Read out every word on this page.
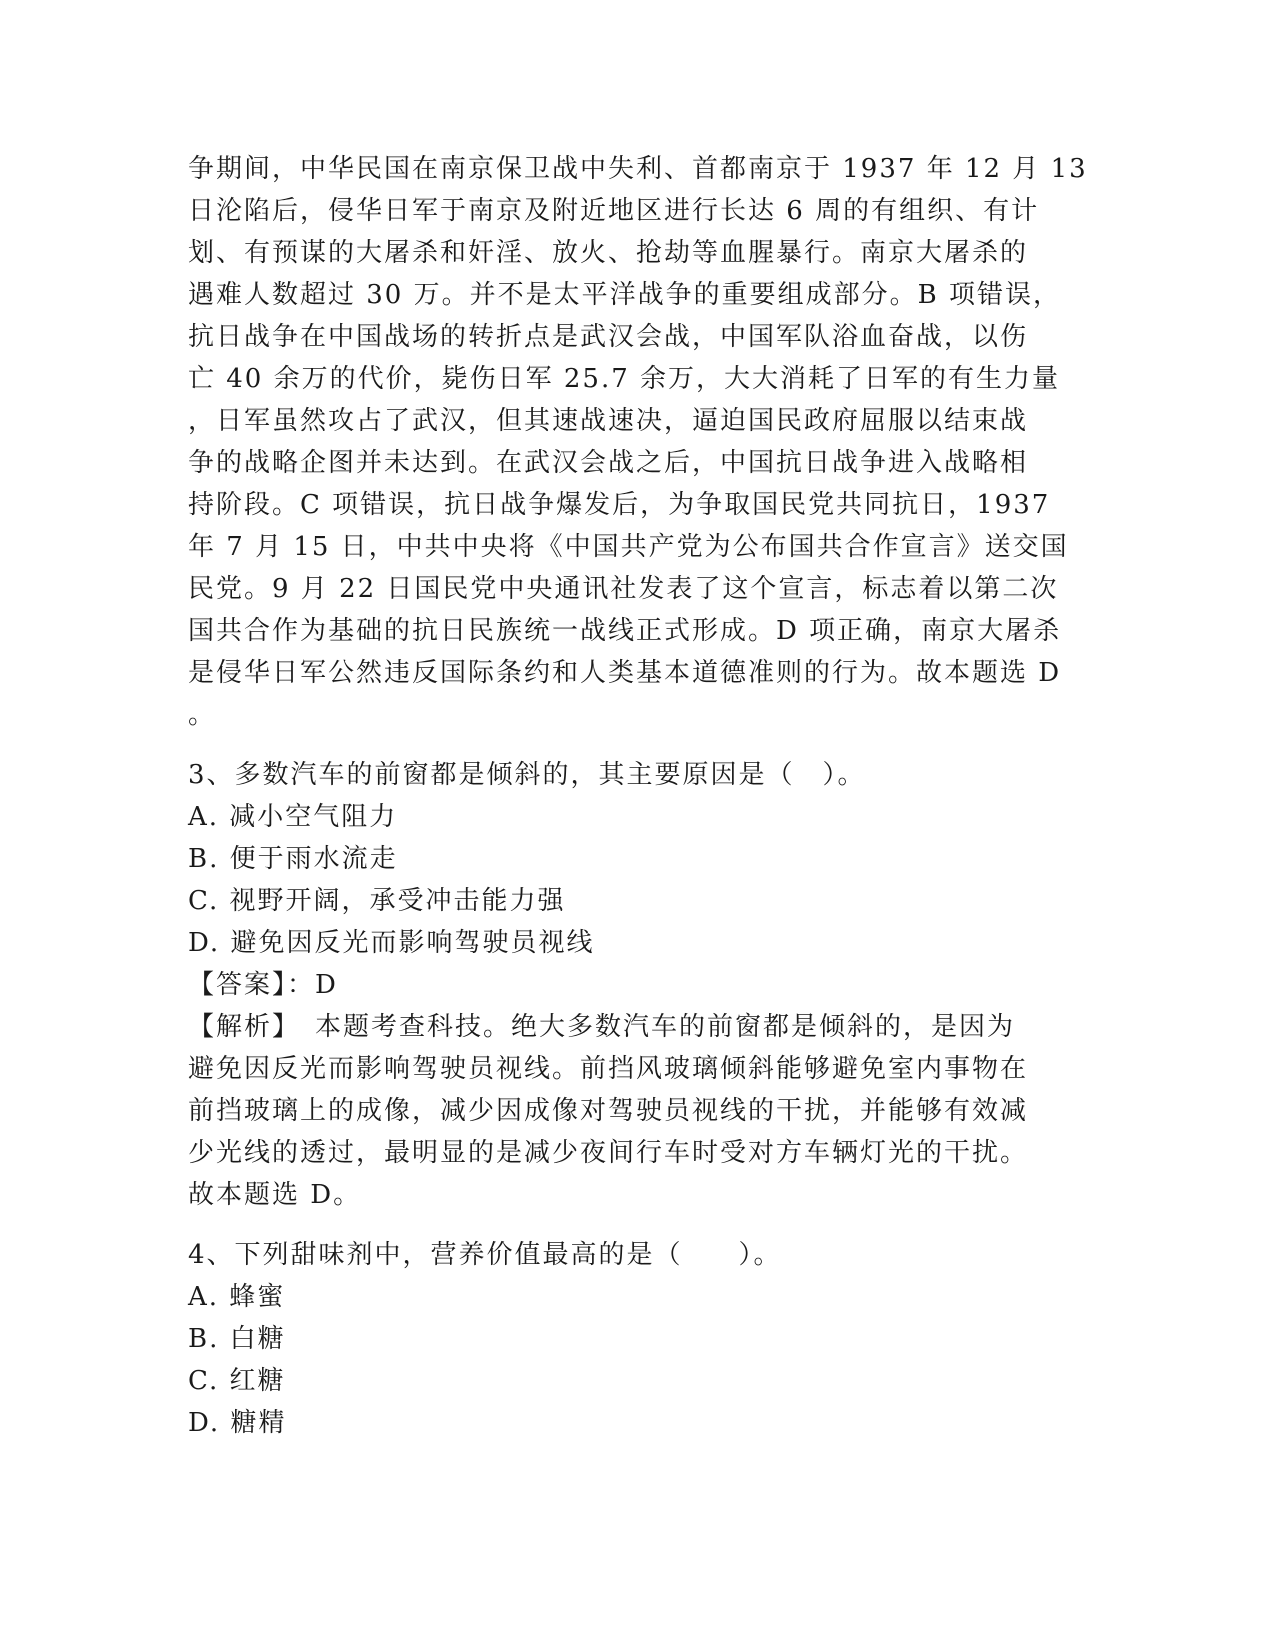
争期间，中华民国在南京保卫战中失利、首都南京于 1937 年 12 月 13
日沦陷后，侵华日军于南京及附近地区进行长达 6 周的有组织、有计
划、有预谋的大屠杀和奸淫、放火、抢劫等血腥暴行。南京大屠杀的
遇难人数超过 30 万。并不是太平洋战争的重要组成部分。B 项错误，
抗日战争在中国战场的转折点是武汉会战，中国军队浴血奋战，以伤
亡 40 余万的代价，毙伤日军 25.7 余万，大大消耗了日军的有生力量
，日军虽然攻占了武汉，但其速战速决，逼迫国民政府屈服以结束战
争的战略企图并未达到。在武汉会战之后，中国抗日战争进入战略相
持阶段。C 项错误，抗日战争爆发后，为争取国民党共同抗日，1937
年 7 月 15 日，中共中央将《中国共产党为公布国共合作宣言》送交国
民党。9 月 22 日国民党中央通讯社发表了这个宣言，标志着以第二次
国共合作为基础的抗日民族统一战线正式形成。D 项正确，南京大屠杀
是侵华日军公然违反国际条约和人类基本道德准则的行为。故本题选 D
。
3、多数汽车的前窗都是倾斜的，其主要原因是（　）。
A. 减小空气阻力
B. 便于雨水流走
C. 视野开阔，承受冲击能力强
D. 避免因反光而影响驾驶员视线
【答案】：D
【解析】　本题考查科技。绝大多数汽车的前窗都是倾斜的，是因为
避免因反光而影响驾驶员视线。前挡风玻璃倾斜能够避免室内事物在
前挡玻璃上的成像，减少因成像对驾驶员视线的干扰，并能够有效减
少光线的透过，最明显的是减少夜间行车时受对方车辆灯光的干扰。
故本题选 D。
4、下列甜味剂中，营养价值最高的是（　　）。
A. 蜂蜜
B. 白糖
C. 红糖
D. 糖精
